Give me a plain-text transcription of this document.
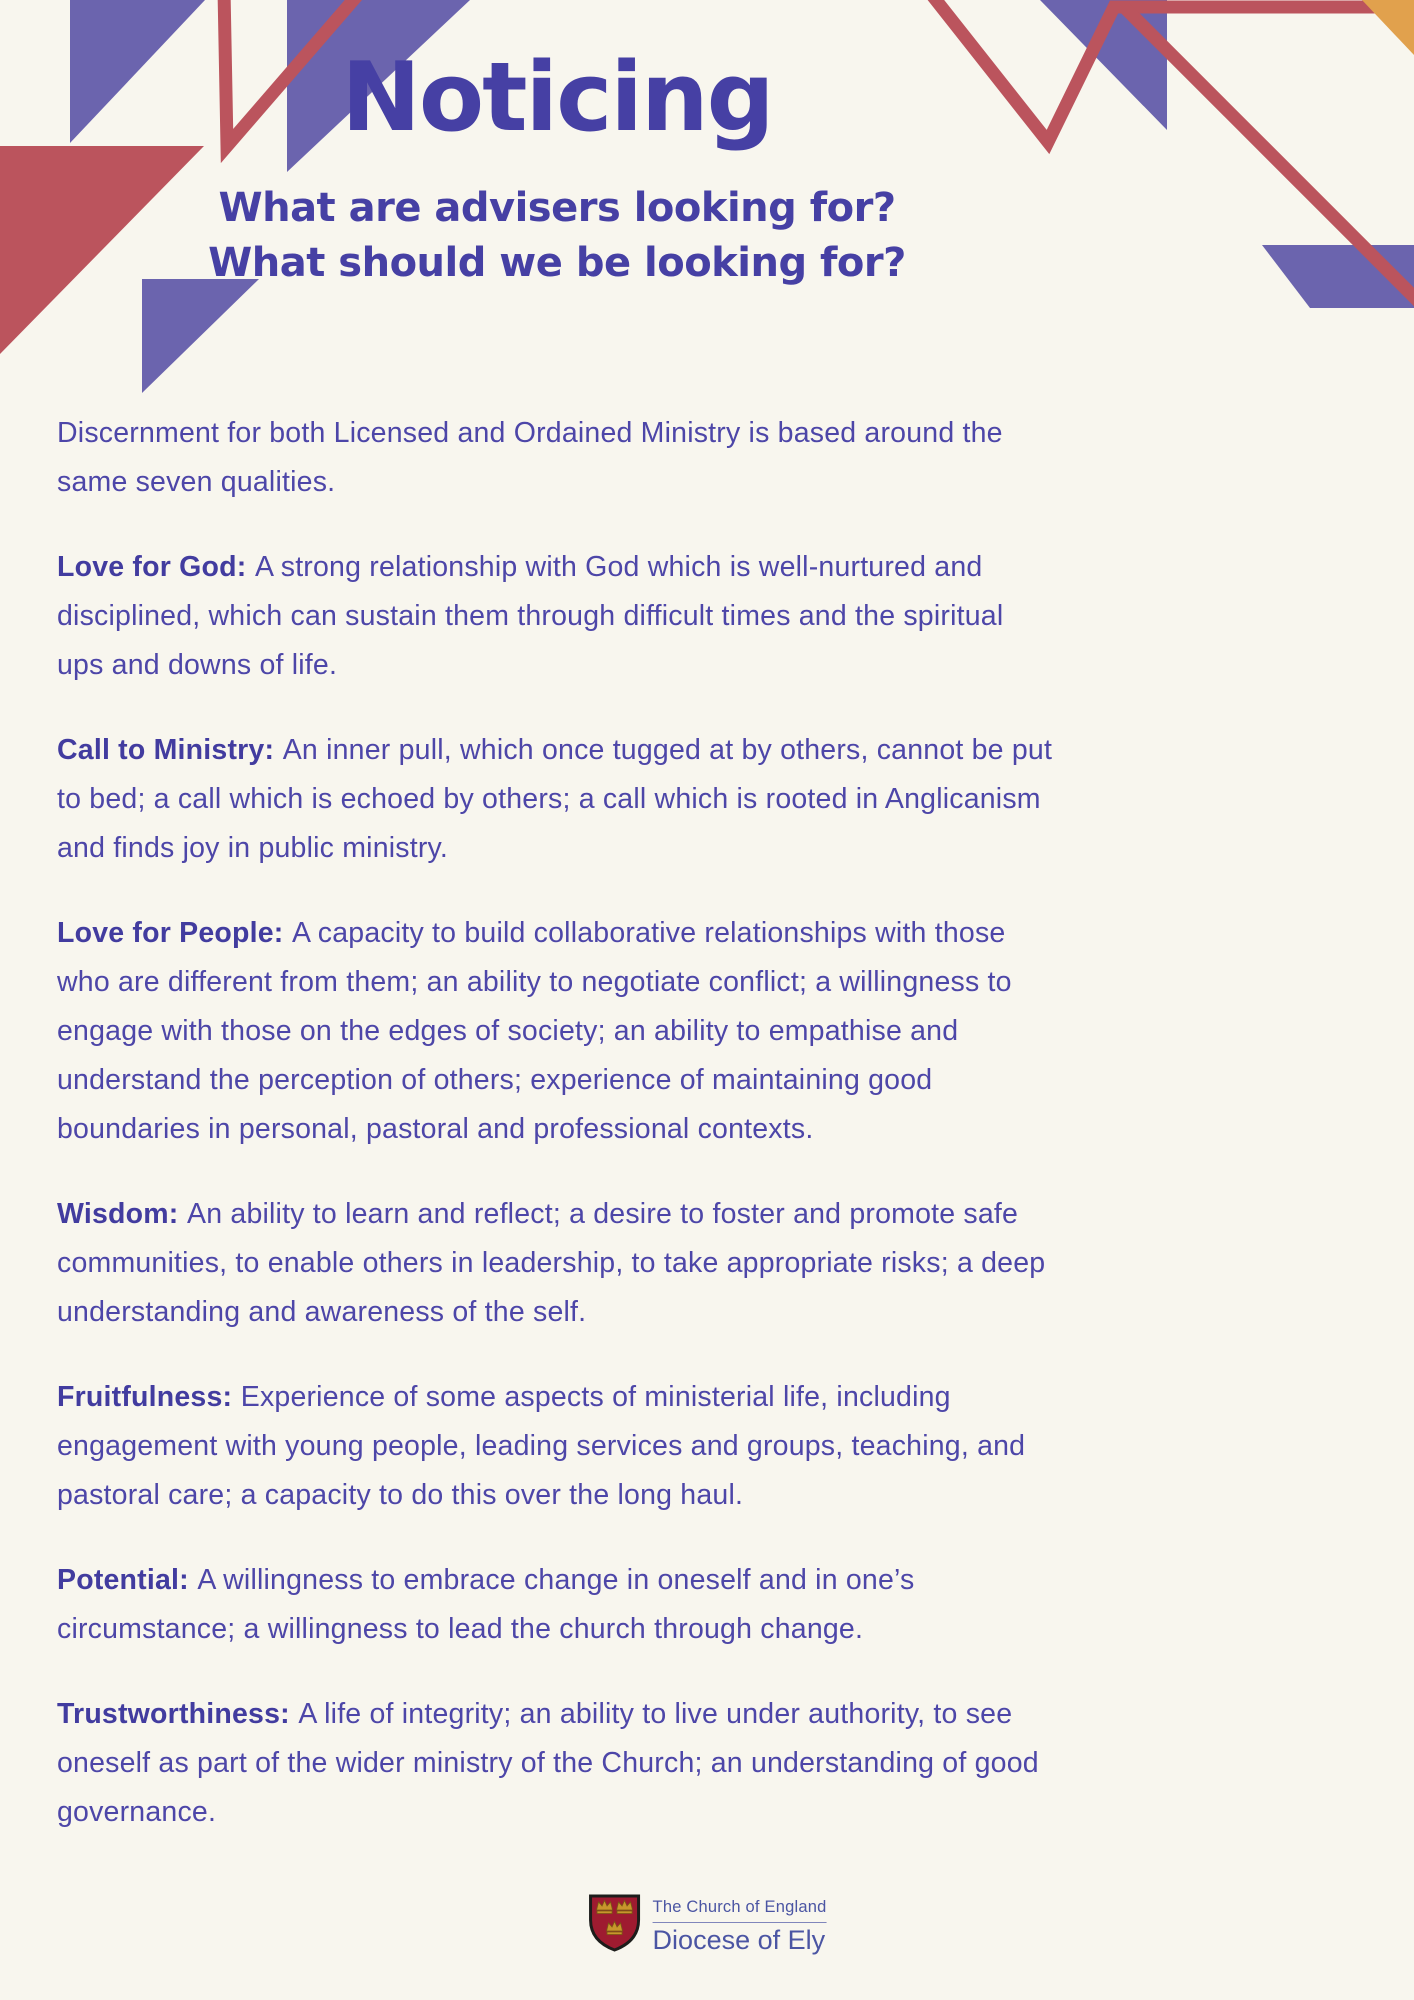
Noticing
What are advisers looking for?
What should we be looking for?

Discernment for both Licensed and Ordained Ministry is based around the same seven qualities.

Love for God: A strong relationship with God which is well-nurtured and disciplined, which can sustain them through difficult times and the spiritual ups and downs of life.

Call to Ministry: An inner pull, which once tugged at by others, cannot be put to bed; a call which is echoed by others; a call which is rooted in Anglicanism and finds joy in public ministry.

Love for People: A capacity to build collaborative relationships with those who are different from them; an ability to negotiate conflict; a willingness to engage with those on the edges of society; an ability to empathise and understand the perception of others; experience of maintaining good boundaries in personal, pastoral and professional contexts.

Wisdom: An ability to learn and reflect; a desire to foster and promote safe communities, to enable others in leadership, to take appropriate risks; a deep understanding and awareness of the self.

Fruitfulness: Experience of some aspects of ministerial life, including engagement with young people, leading services and groups, teaching, and pastoral care; a capacity to do this over the long haul.

Potential: A willingness to embrace change in oneself and in one’s circumstance; a willingness to lead the church through change.

Trustworthiness: A life of integrity; an ability to live under authority, to see oneself as part of the wider ministry of the Church; an understanding of good governance.

The Church of England
Diocese of Ely
